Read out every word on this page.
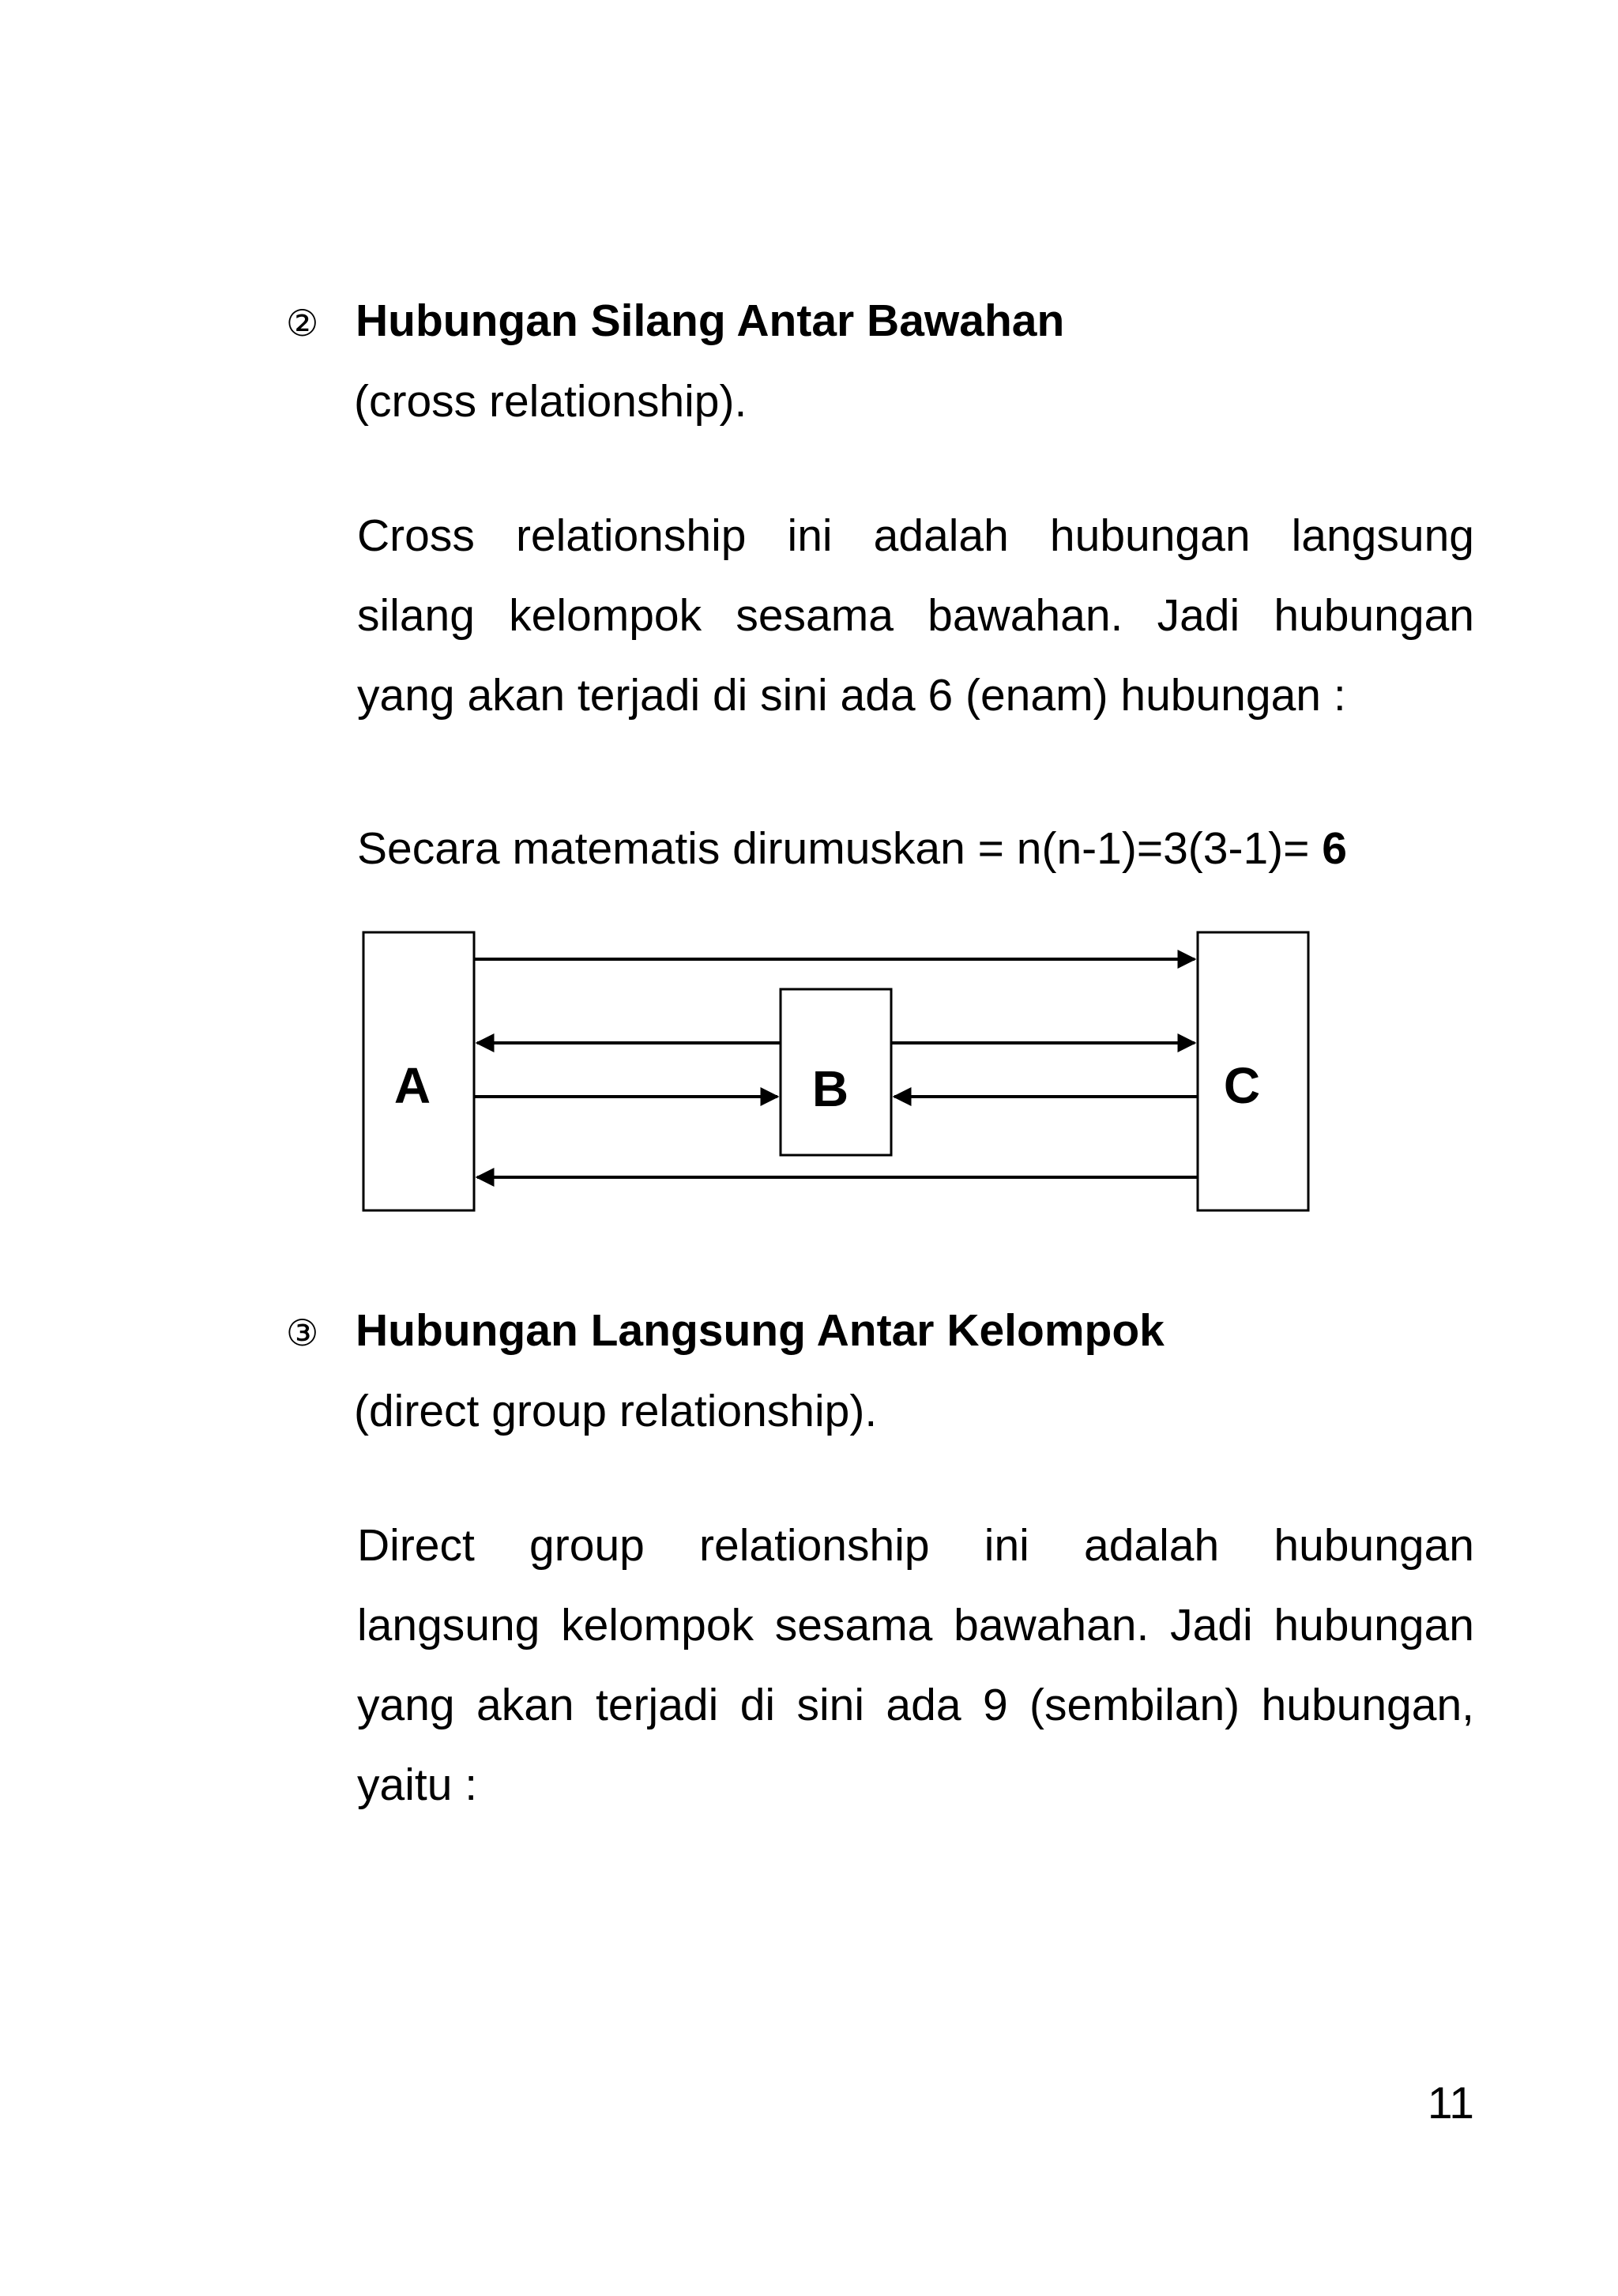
② Hubungan Silang Antar Bawahan
(cross relationship).
Cross relationship ini adalah hubungan langsung
silang kelompok sesama bawahan. Jadi hubungan
yang akan terjadi di sini ada 6 (enam) hubungan :
Secara matematis dirumuskan = n(n-1)=3(3-1)= 6
A	B	C
③ Hubungan Langsung Antar Kelompok
(direct group relationship).
Direct group relationship ini adalah hubungan
langsung kelompok sesama bawahan. Jadi hubungan
yang akan terjadi di sini ada 9 (sembilan) hubungan,
yaitu :
11
